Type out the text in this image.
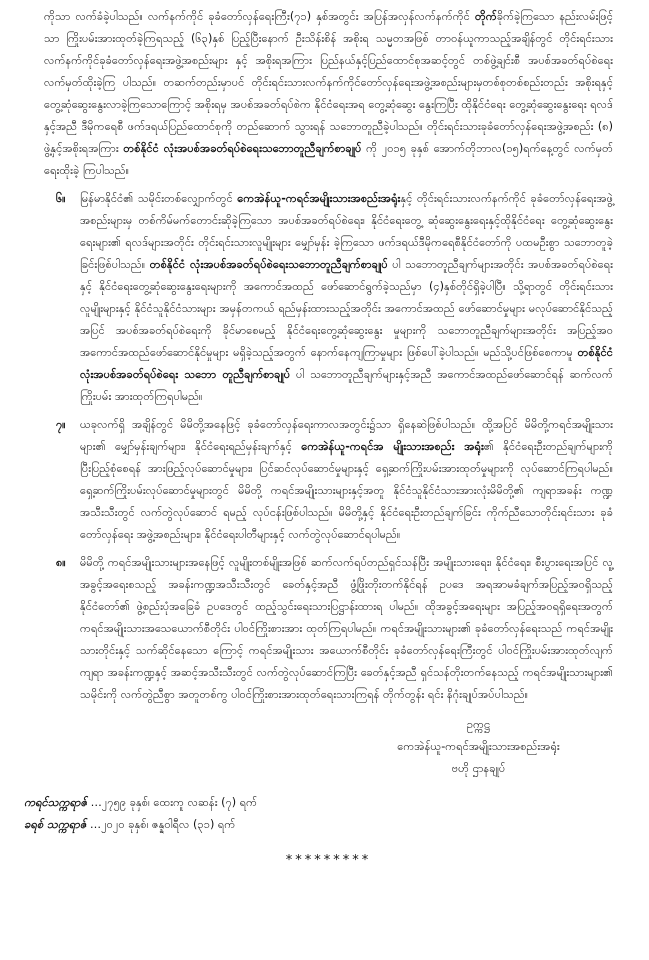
ကိုသာ လက်ခံခဲ့ပါသည်။ လက်နက်ကိုင် ခုခံတော်လှန်ရေးကြီး(၇၁) နှစ်အတွင်း အပြန်အလှန်လက်နက်ကိုင် တိုက်ခိုက်ခဲ့ကြသော နည်းလမ်းဖြင့်သာ ကြိုးပမ်းအားထုတ်ခဲ့ကြရသည့် (၆၃)နှစ် ပြည့်ပြီးနောက် ဦးသိန်းစိန် အစိုးရ သမ္မတအဖြစ် တာဝန်ယူကာသည့်အချိန်တွင် တိုင်းရင်းသား လက်နက်ကိုင်ခုခံတော်လှန်ရေးအဖွဲ့အစည်းများ နှင့် အစိုးရအကြား ပြည်နယ်နှင့်ပြည်ထောင်စုအဆင့်တွင် တစ်ဖွဲ့ချင်းစီ အပစ်အခတ်ရပ်စဲရေးလက်မှတ်ထိုးခဲ့ကြ ပါသည်။ တဆက်တည်းမှာပင် တိုင်းရင်းသားလက်နက်ကိုင်တော်လှန်ရေးအဖွဲ့အစည်းများမှတစ်စုတစ်စည်းတည်း အစိုးရနှင့် တွေ့ဆုံဆွေးနွေးလာခဲ့ကြသောကြောင့် အစိုးရမှ အပစ်အခတ်ရပ်စဲက နိုင်ငံရေးအရ တွေ့ဆုံဆွေး နွေးကြပြီး ထိုနိုင်ငံရေး တွေ့ဆုံဆွေးနွေးရေး ရလဒ်နှင့်အညီ ဒီမိုကရေစီ ဖက်ဒရယ်ပြည်ထောင်စုကို တည်ဆောက် သွားရန် သဘောတူညီခဲ့ပါသည်။ တိုင်းရင်းသားခုခံတော်လှန်ရေးအဖွဲ့အစည်း (၈) ဖွဲ့နှင့်အစိုးရအကြား တစ်နိုင်ငံ လုံးအပစ်အခတ်ရပ်စဲရေးသဘောတူညီချက်စာချုပ် ကို ၂၀၁၅ ခုနှစ် အောက်တိုဘာလ(၁၅)ရက်နေ့တွင် လက်မှတ်ရေးထိုးခဲ့ ကြပါသည်။

၆။ မြန်မာနိုင်ငံ၏ သမိုင်းတစ်လျှောက်တွင် ကေအဲန်ယူ-ကရင်အမျိုးသားအစည်းအရုံးနှင့် တိုင်းရင်းသားလက်နက်ကိုင် ခုခံတော်လှန်ရေးအဖွဲ့အစည်းများမှ တစ်ကိမ်မက်တောင်းဆိုခဲ့ကြသော အပစ်အခတ်ရပ်စဲရေး၊ နိုင်ငံရေးတွေ့ ဆုံဆွေးနွေးရေးနှင့်ထိုနိုင်ငံရေး တွေ့ဆုံဆွေးနွေးရေးများ၏ ရလဒ်များအတိုင်း တိုင်းရင်းသားလူမျိုးများ မျှော်မှန်း ခဲ့ကြသော ဖက်ဒရယ်ဒီမိုကရေစီနိုင်ငံတော်ကို ပထမဦးစွာ သဘောတူခဲ့ခြင်းဖြစ်ပါသည်။ တစ်နိုင်ငံ လုံးအပစ်အခတ်ရပ်စဲရေးသဘောတူညီချက်စာချုပ် ပါ သဘောတူညီချက်များအတိုင်း အပစ်အခတ်ရပ်စဲရေးနှင့် နိုင်ငံရေးတွေ့ဆုံဆွေးနွေးရေးများကို အကောင်အထည် ဖော်ဆောင်ရွက်ခဲ့သည်မှာ (၄)နှစ်တိုင်ရှိခဲ့ပါပြီ။ သို့ရာတွင် တိုင်းရင်းသားလူမျိုးများနှင့် နိုင်ငံသူနိုင်ငံသားများ အမှန်တကယ် ရည်မှန်းထားသည့်အတိုင်း အကောင်အထည် ဖော်ဆောင်မှုများ မလုပ်ဆောင်နိုင်သည့်အပြင် အပစ်အခတ်ရပ်စဲရေးကို ခိုင်မာစေမည့် နိုင်ငံရေးတွေ့ဆုံဆွေးနွေး မှုများကို သဘောတူညီချက်များအတိုင်း အပြည့်အဝ အကောင်အထည်ဖော်ဆောင်နိုင်မှုများ မရှိခဲ့သည့်အတွက် နောက်နေကျကြာမှုများ ဖြစ်ပေါ်ခဲ့ပါသည်။ မည်သို့ပင်ဖြစ်စေကာမူ တစ်နိုင်ငံလုံးအပစ်အခတ်ရပ်စဲရေး သဘော တူညီချက်စာချုပ် ပါ သဘောတူညီချက်များနှင့်အညီ အကောင်အထည်ဖော်ဆောင်ရန် ဆက်လက်ကြိုးပမ်း အားထုတ်ကြရပါမည်။

၇။ ယခုလက်ရှိ အချိန်တွင် မိမိတို့အနေဖြင့် ခုခံတော်လှန်ရေးကာလအတွင်း၌သာ ရှိနေဆဲဖြစ်ပါသည်။ ထို့အပြင် မိမိတို့ကရင်အမျိုးသားများ၏ မျှော်မှန်းချက်များ၊ နိုင်ငံရေးရည်မှန်းချက်နှင့် ကေအဲန်ယူ-ကရင်အ မျိုးသားအစည်း အရုံး၏ နိုင်ငံရေးဦးတည်ချက်များကို ပြီးပြည့်စုံစေရန် အားဖြည့်လုပ်ဆောင်မှုများ၊ ပြင်ဆင်လုပ်ဆောင်မှုများနှင့် ရှေ့ဆက်ကြိုးပမ်းအားထုတ်မှုများကို လုပ်ဆောင်ကြရပါမည်။ ရှေ့ဆက်ကြိုးပမ်းလုပ်ဆောင်မှုများတွင် မိမိတို့ ကရင်အမျိုးသားများနှင့်အတူ နိုင်ငံသူနိုင်ငံသားအားလုံးမိမိတို့၏ ကျရာအခန်း ကဏ္ဍအသီးသီးတွင် လက်တွဲလုပ်ဆောင် ရမည့် လုပ်ငန်းဖြစ်ပါသည်။ မိမိတို့နှင့် နိုင်ငံရေးဦးတည်ချက်ခြင်း ကိုက်ညီသောတိုင်းရင်းသား ခုခံတော်လှန်ရေး အဖွဲ့အစည်းများ၊ နိုင်ငံရေးပါတီများနှင့် လက်တွဲလုပ်ဆောင်ရပါမည်။

၈။ မိမိတို့ ကရင်အမျိုးသားများအနေဖြင့် လူမျိုးတစ်မျိုးအဖြစ် ဆက်လက်ရပ်တည်ရှင်သန်ပြီး အမျိုးသားရေး၊ နိုင်ငံရေး၊ စီးပွားရေးအပြင် လူ့အခွင့်အရေးစသည့် အခန်းကဏ္ဍအသီးသီးတွင် ခေတ်နှင့်အညီ ဖွံ့ဖြိုးတိုးတက်နိုင်ရန် ဥပဒေ အရအာမခံချက်အပြည့်အဝရှိသည့် နိုင်ငံတော်၏ ဖွဲ့စည်းပုံအခြေခံ ဥပဒေတွင် ထည့်သွင်းရေးသားပြဋ္ဌာန်းထားရ ပါမည်။ ထိုအခွင့်အရေးများ အပြည့်အဝရရှိရေးအတွက် ကရင်အမျိုးသားအသေယောက်စီတိုင်း ပါဝင်ကြိုးစားအား ထုတ်ကြရပါမည်။ ကရင်အမျိုးသားများ၏ ခုခံတော်လှန်ရေးသည် ကရင်အမျိုး သားတိုင်းနှင့် သက်ဆိုင်နေသော ကြောင့် ကရင်အမျိုးသား အယောက်စီတိုင်း ခုခံတော်လှန်ရေးကြီးတွင် ပါဝင်ကြိုးပမ်းအားထုတ်လျက် ကျရာ အခန်းကဏ္ဍနှင့် အဆင့်အသီးသီးတွင် လက်တွဲလုပ်ဆောင်ကြပြီး ခေတ်နှင့်အညီ ရှင်သန်တိုးတက်နေသည့် ကရင်အမျိုးသားများ၏ သမိုင်းကို လက်တွဲညီစွာ အတူတစ်ကွ ပါဝင်ကြိုးစားအားထုတ်ရေးသားကြရန် တိုက်တွန်း ရင်း နိဂုံးချုပ်အပ်ပါသည်။

ဥက္ကဋ္ဌ
ကေအဲန်ယူ-ကရင်အမျိုးသားအစည်းအရုံး
ဗဟို ဌာနချုပ်
ကရင်သက္ကရာဇ် …၂၇၅၉ ခုနှစ်၊ ထေးကူ လဆန်း (၇) ရက်
ခရစ် သက္ကရာဇ် …၂၀၂၀ ခုနှစ်၊ ဇန္နဝါရီလ (၃၁) ရက်
*********
